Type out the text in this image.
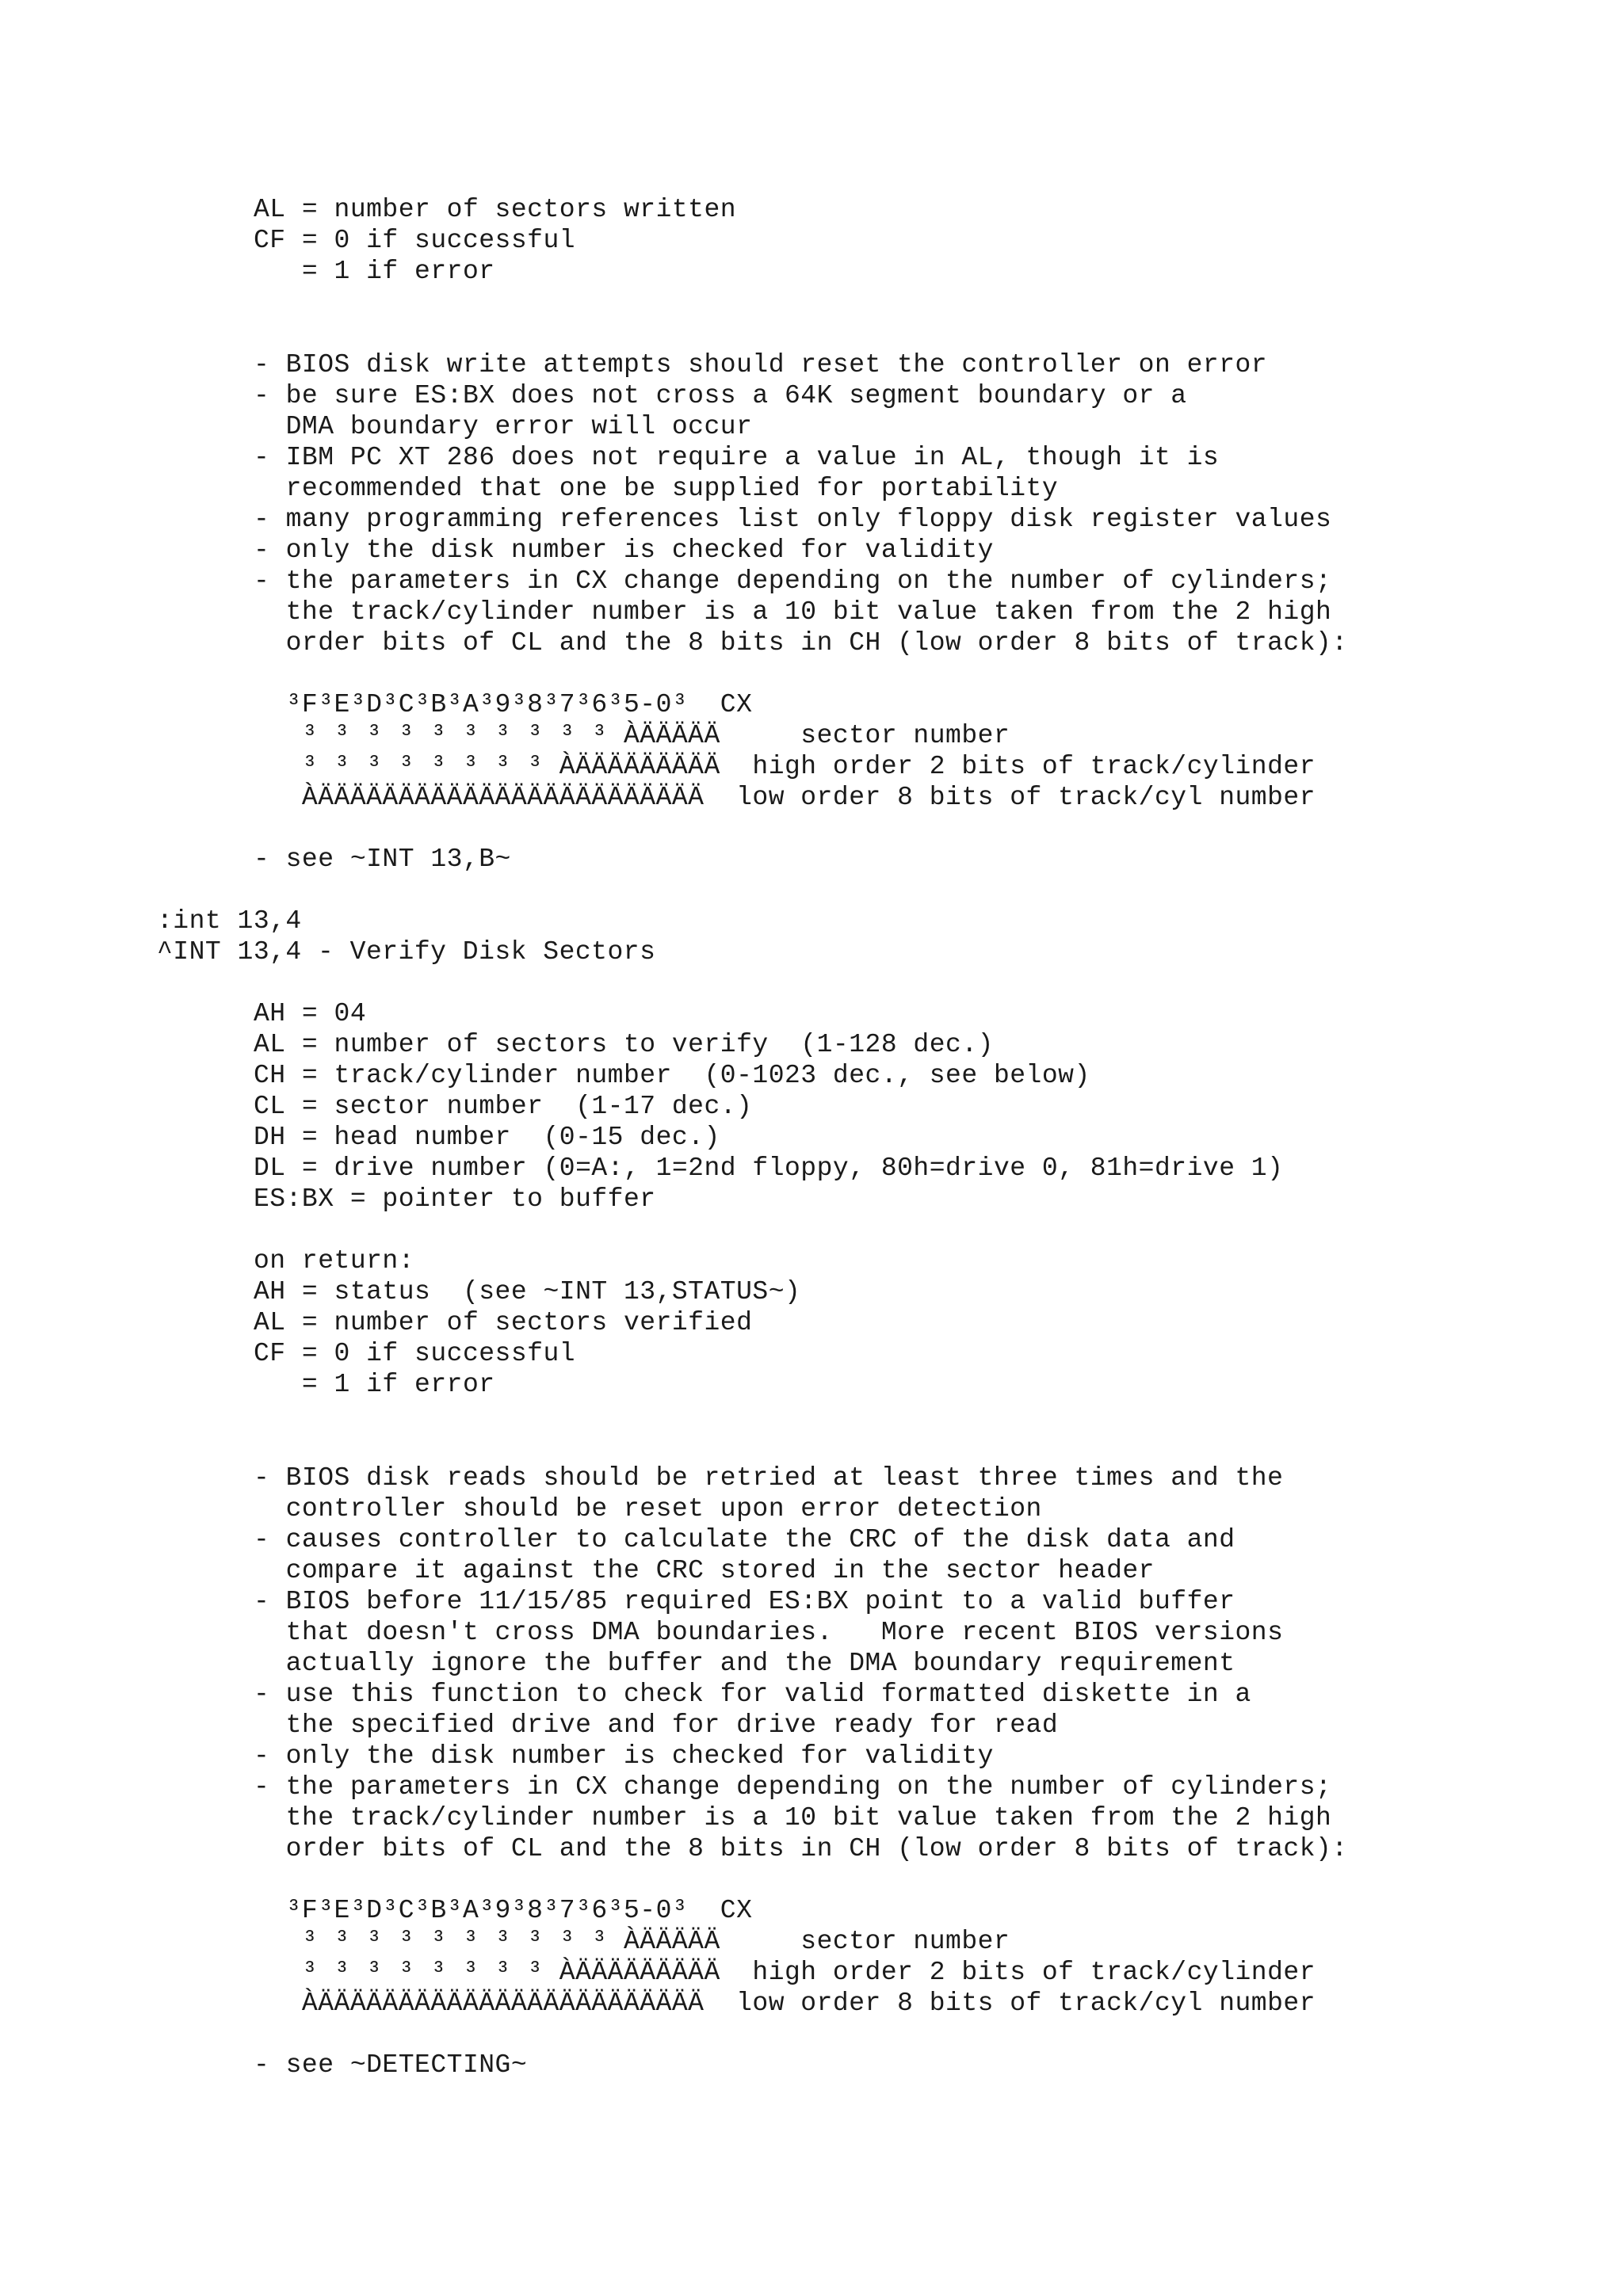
AL = number of sectors written
CF = 0 if successful
= 1 if error
- BIOS disk write attempts should reset the controller on error
- be sure ES:BX does not cross a 64K segment boundary or a
DMA boundary error will occur
- IBM PC XT 286 does not require a value in AL, though it is
recommended that one be supplied for portability
- many programming references list only floppy disk register values
- only the disk number is checked for validity
- the parameters in CX change depending on the number of cylinders;
the track/cylinder number is a 10 bit value taken from the 2 high
order bits of CL and the 8 bits in CH (low order 8 bits of track):
³F³E³D³C³B³A³9³8³7³6³5-0³  CX
³ ³ ³ ³ ³ ³ ³ ³ ³ ³ ÀÄÄÄÄÄ     sector number
³ ³ ³ ³ ³ ³ ³ ³ ÀÄÄÄÄÄÄÄÄÄ  high order 2 bits of track/cylinder
ÀÄÄÄÄÄÄÄÄÄÄÄÄÄÄÄÄÄÄÄÄÄÄÄÄ  low order 8 bits of track/cyl number
- see ~INT 13,B~
:int 13,4
^INT 13,4 - Verify Disk Sectors
AH = 04
AL = number of sectors to verify  (1-128 dec.)
CH = track/cylinder number  (0-1023 dec., see below)
CL = sector number  (1-17 dec.)
DH = head number  (0-15 dec.)
DL = drive number (0=A:, 1=2nd floppy, 80h=drive 0, 81h=drive 1)
ES:BX = pointer to buffer
on return:
AH = status  (see ~INT 13,STATUS~)
AL = number of sectors verified
CF = 0 if successful
= 1 if error
- BIOS disk reads should be retried at least three times and the
controller should be reset upon error detection
- causes controller to calculate the CRC of the disk data and
compare it against the CRC stored in the sector header
- BIOS before 11/15/85 required ES:BX point to a valid buffer
that doesn't cross DMA boundaries.   More recent BIOS versions
actually ignore the buffer and the DMA boundary requirement
- use this function to check for valid formatted diskette in a
the specified drive and for drive ready for read
- only the disk number is checked for validity
- the parameters in CX change depending on the number of cylinders;
the track/cylinder number is a 10 bit value taken from the 2 high
order bits of CL and the 8 bits in CH (low order 8 bits of track):
³F³E³D³C³B³A³9³8³7³6³5-0³  CX
³ ³ ³ ³ ³ ³ ³ ³ ³ ³ ÀÄÄÄÄÄ     sector number
³ ³ ³ ³ ³ ³ ³ ³ ÀÄÄÄÄÄÄÄÄÄ  high order 2 bits of track/cylinder
ÀÄÄÄÄÄÄÄÄÄÄÄÄÄÄÄÄÄÄÄÄÄÄÄÄ  low order 8 bits of track/cyl number
- see ~DETECTING~
